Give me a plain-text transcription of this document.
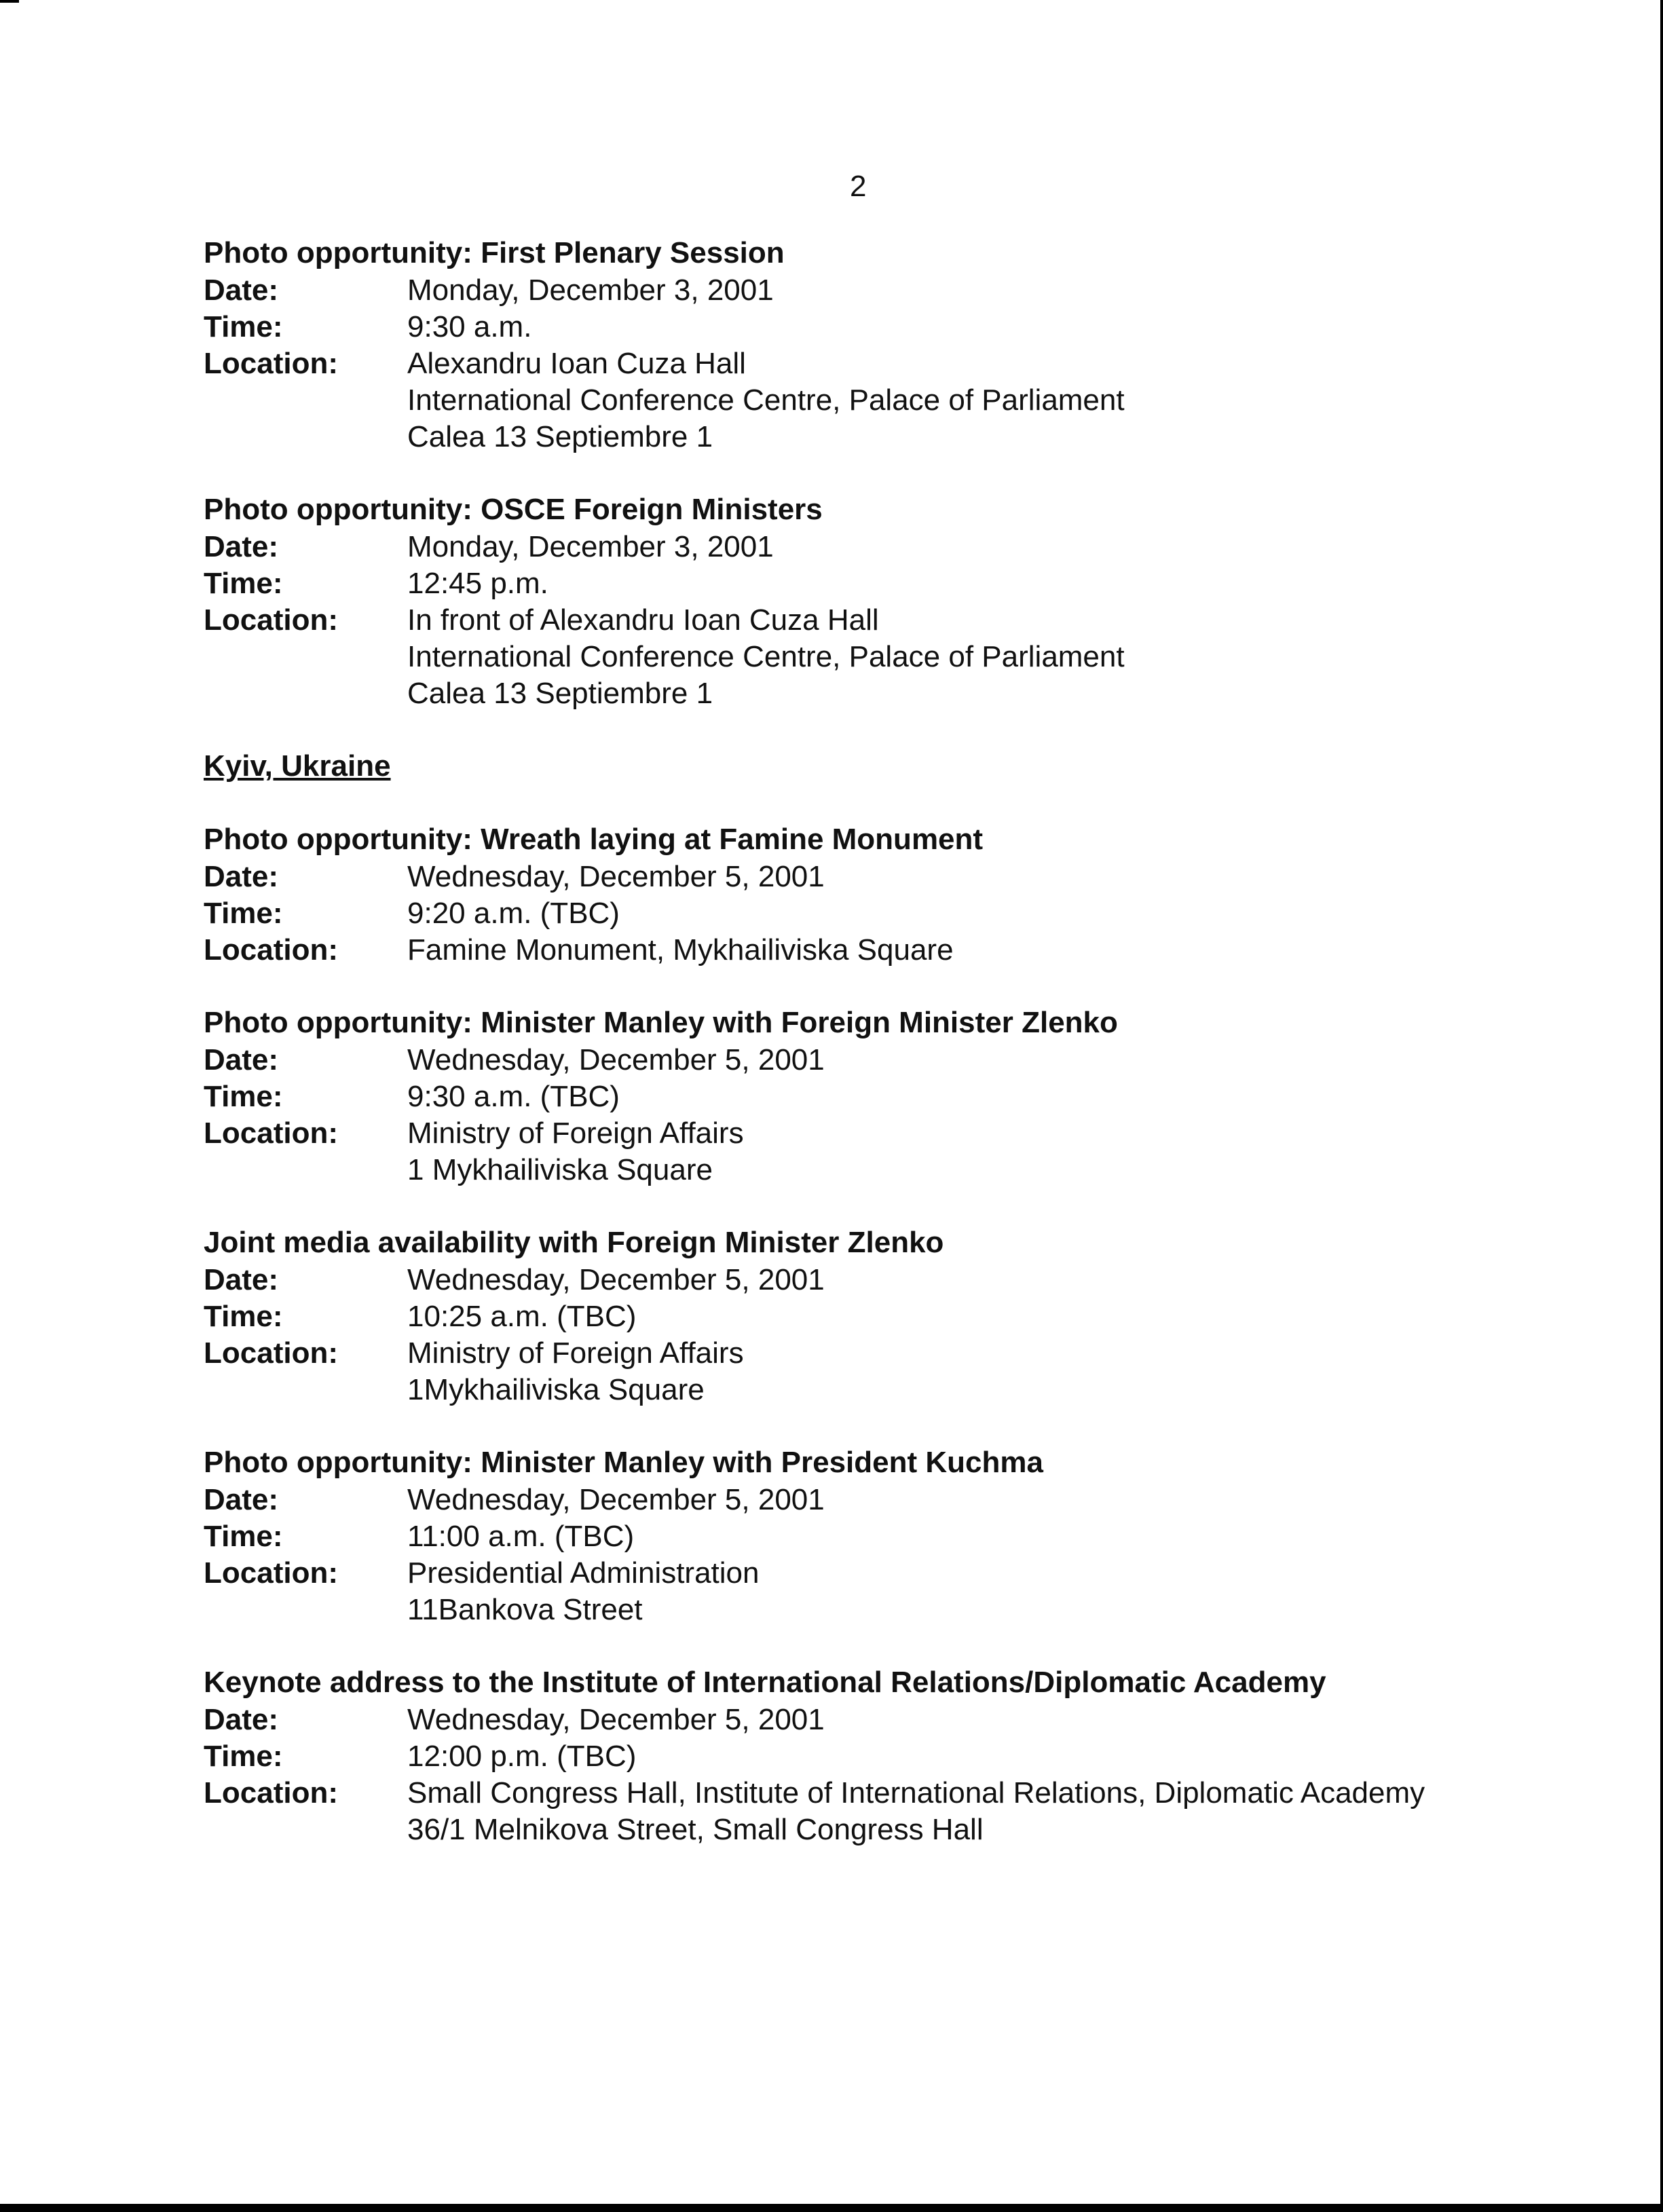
2
Photo opportunity: First Plenary Session
Date:	Monday, December 3, 2001
Time:	9:30 a.m.
Location:	Alexandru Ioan Cuza Hall
International Conference Centre, Palace of Parliament
Calea 13 Septiembre 1
Photo opportunity: OSCE Foreign Ministers
Date:	Monday, December 3, 2001
Time:	12:45 p.m.
Location:	In front of Alexandru Ioan Cuza Hall
International Conference Centre, Palace of Parliament
Calea 13 Septiembre 1
Kyiv, Ukraine
Photo opportunity: Wreath laying at Famine Monument
Date:	Wednesday, December 5, 2001
Time:	9:20 a.m. (TBC)
Location:	Famine Monument, Mykhailiviska Square
Photo opportunity: Minister Manley with Foreign Minister Zlenko
Date:	Wednesday, December 5, 2001
Time:	9:30 a.m. (TBC)
Location:	Ministry of Foreign Affairs
1 Mykhailiviska Square
Joint media availability with Foreign Minister Zlenko
Date:	Wednesday, December 5, 2001
Time:	10:25 a.m. (TBC)
Location:	Ministry of Foreign Affairs
1Mykhailiviska Square
Photo opportunity: Minister Manley with President Kuchma
Date:	Wednesday, December 5, 2001
Time:	11:00 a.m. (TBC)
Location:	Presidential Administration
11Bankova Street
Keynote address to the Institute of International Relations/Diplomatic Academy
Date:	Wednesday, December 5, 2001
Time:	12:00 p.m. (TBC)
Location:	Small Congress Hall, Institute of International Relations, Diplomatic Academy
36/1 Melnikova Street, Small Congress Hall
